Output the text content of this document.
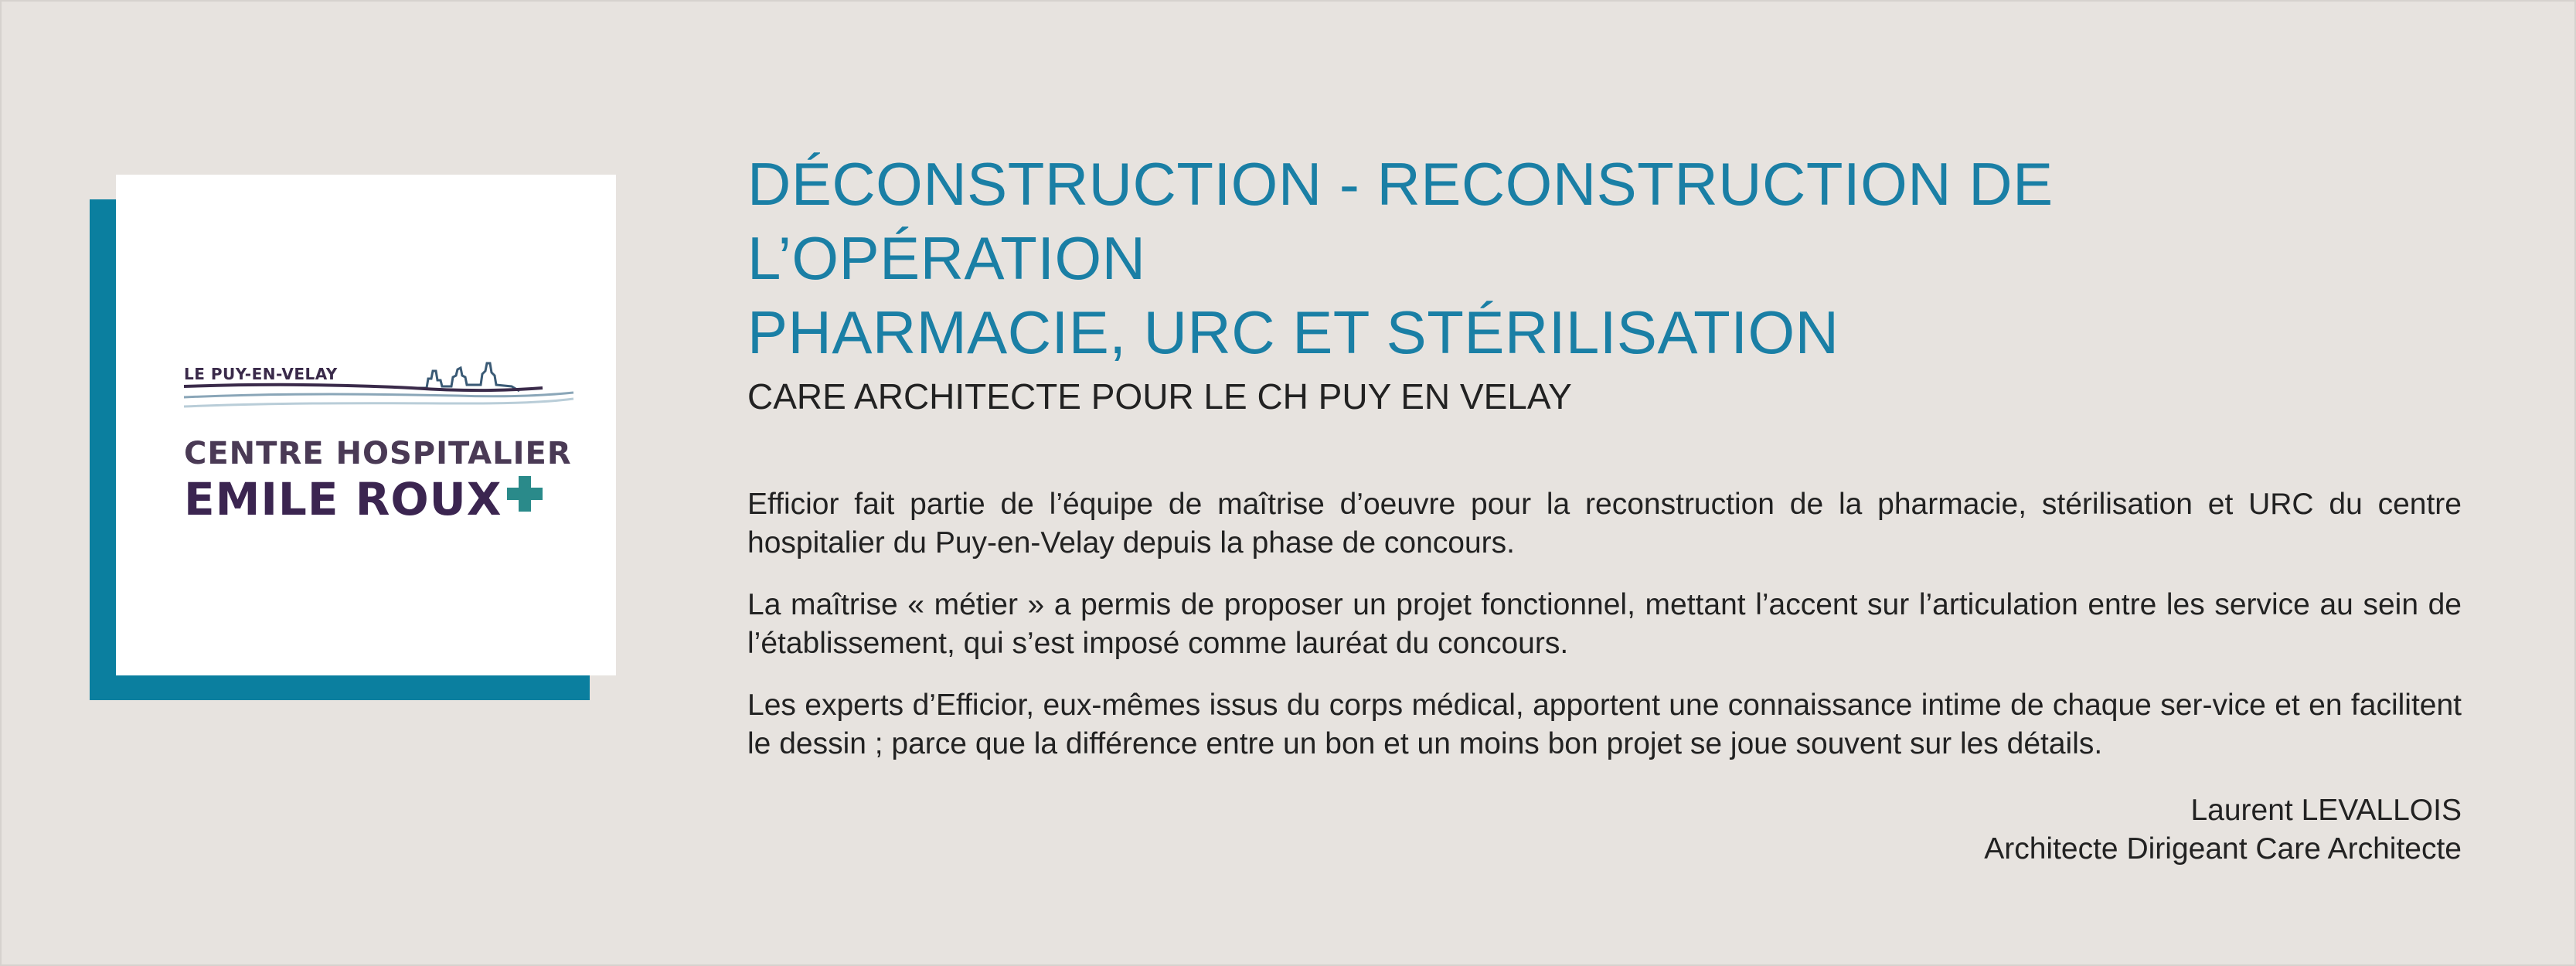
LE PUY-EN-VELAY
CENTRE HOSPITALIER
EMILE ROUX
DÉCONSTRUCTION - RECONSTRUCTION DE L’OPÉRATION
PHARMACIE, URC ET STÉRILISATION
CARE ARCHITECTE POUR LE CH PUY EN VELAY

Efficior fait partie de l’équipe de maîtrise d’oeuvre pour la reconstruction de la pharmacie, stérilisation et URC du centre hospitalier du Puy-en-Velay depuis la phase de concours.

La maîtrise « métier » a permis de proposer un projet fonctionnel, mettant l’accent sur l’articulation entre les service au sein de l’établissement, qui s’est imposé comme lauréat du concours.

Les experts d’Efficior, eux-mêmes issus du corps médical, apportent une connaissance intime de chaque ser-vice et en facilitent le dessin ; parce que la différence entre un bon et un moins bon projet se joue souvent sur les détails.

Laurent LEVALLOIS
Architecte Dirigeant Care Architecte
